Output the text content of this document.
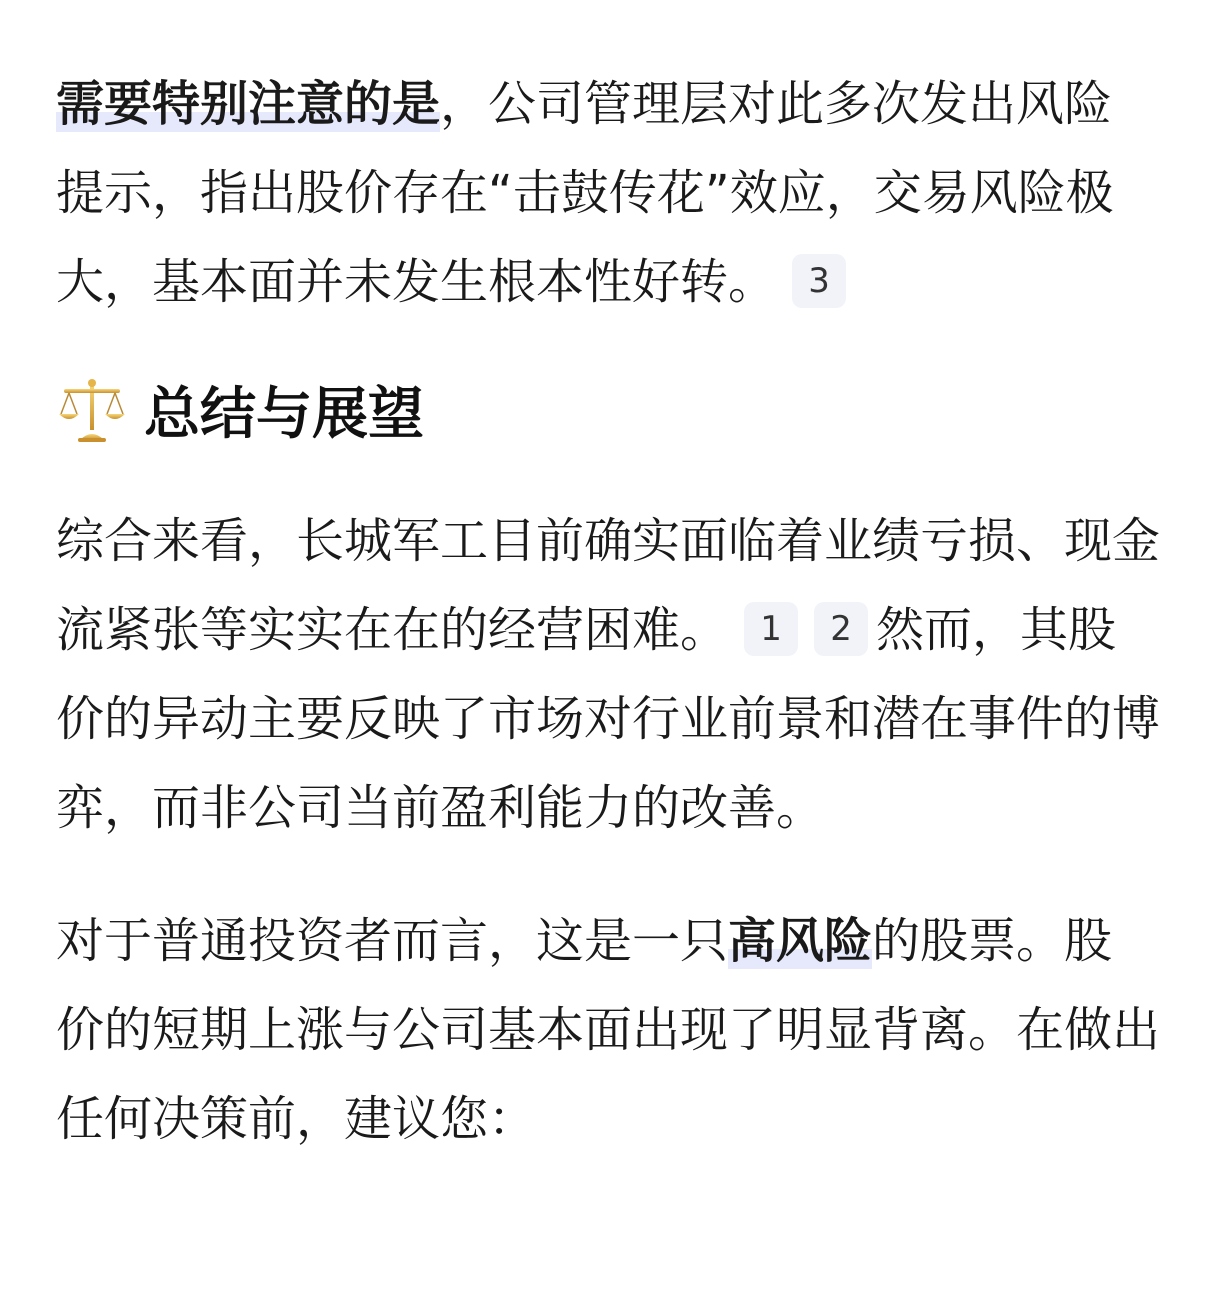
需要特别注意的是，公司管理层对此多次发出风险提示，指出股价存在“击鼓传花”效应，交易风险极大，基本面并未发生根本性好转。 3

总结与展望

综合来看，长城军工目前确实面临着业绩亏损、现金流紧张等实实在在的经营困难。 1 2 然而，其股价的异动主要反映了市场对行业前景和潜在事件的博弈，而非公司当前盈利能力的改善。

对于普通投资者而言，这是一只高风险的股票。股价的短期上涨与公司基本面出现了明显背离。在做出任何决策前，建议您：
